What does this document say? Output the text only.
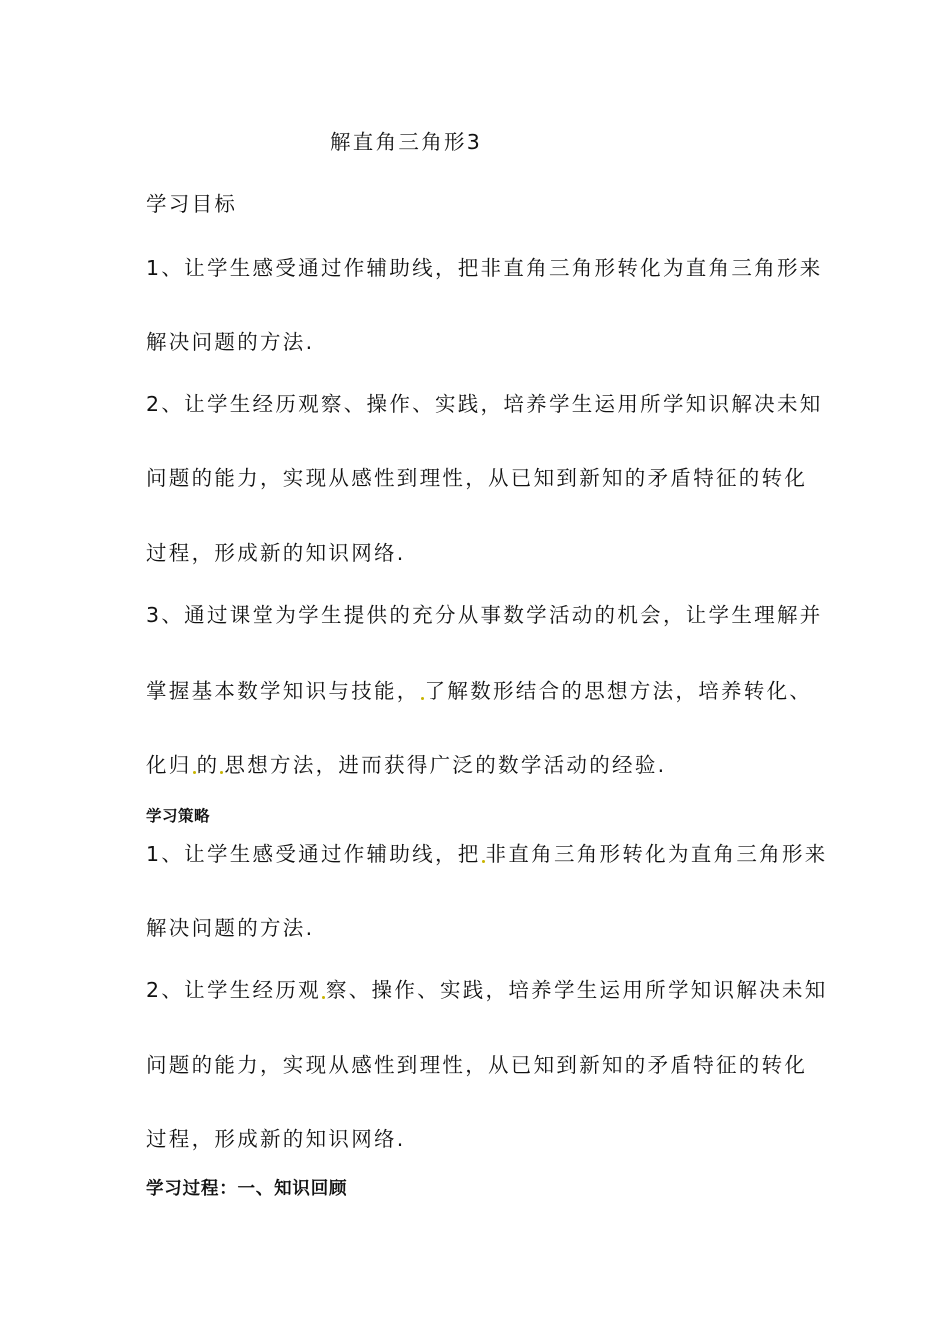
解直角三角形3
学习目标
1、让学生感受通过作辅助线，把非直角三角形转化为直角三角形来
解决问题的方法.
2、让学生经历观察、操作、实践，培养学生运用所学知识解决未知
问题的能力，实现从感性到理性，从已知到新知的矛盾特征的转化
过程，形成新的知识网络.
3、通过课堂为学生提供的充分从事数学活动的机会，让学生理解并
掌握基本数学知识与技能， 了解数形结合的思想方法，培养转化、
化归 的 思想方法，进而获得广泛的数学活动的经验.
学习策略
1、让学生感受通过作辅助线，把 非直角三角形转化为直角三角形来
解决问题的方法.
2、让学生经历观 察、操作、实践，培养学生运用所学知识解决未知
问题的能力，实现从感性到理性，从已知到新知的矛盾特征的转化
过程，形成新的知识网络.
学习过程：一、知识回顾
